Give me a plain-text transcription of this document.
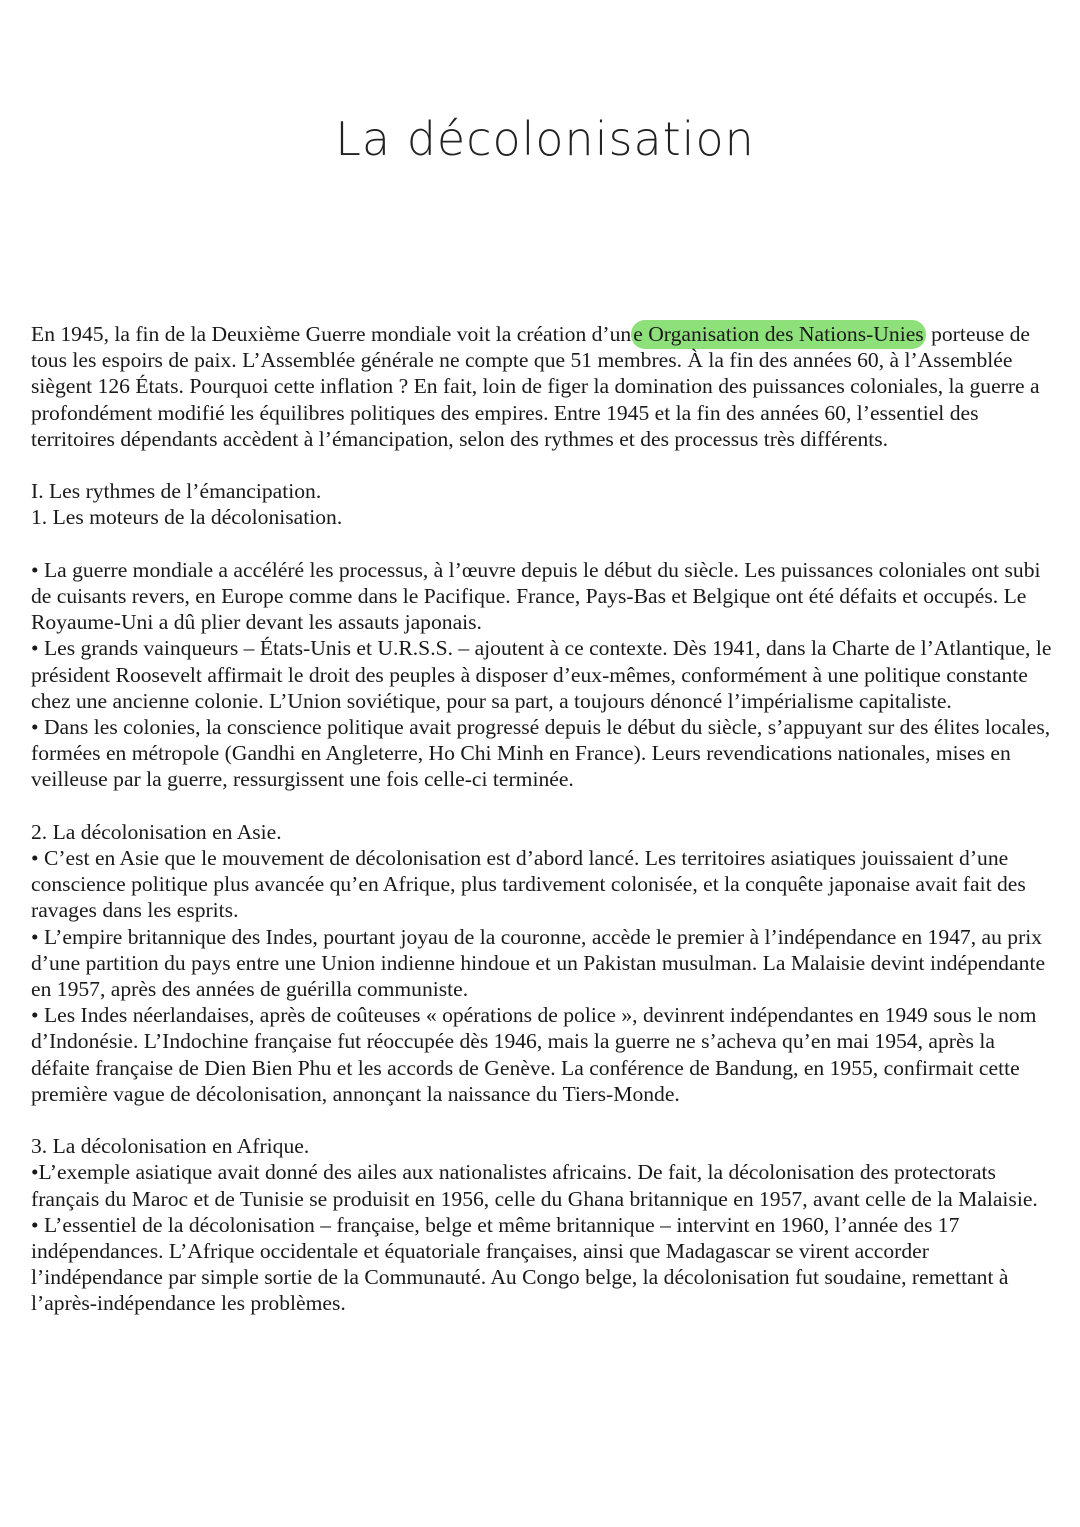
La décolonisation

En 1945, la fin de la Deuxième Guerre mondiale voit la création d’une Organisation des Nations-Unies porteuse de tous les espoirs de paix. L’Assemblée générale ne compte que 51 membres. À la fin des années 60, à l’Assemblée siègent 126 États. Pourquoi cette inflation ? En fait, loin de figer la domination des puissances coloniales, la guerre a profondément modifié les équilibres politiques des empires. Entre 1945 et la fin des années 60, l’essentiel des territoires dépendants accèdent à l’émancipation, selon des rythmes et des processus très différents.

I. Les rythmes de l’émancipation.

1. Les moteurs de la décolonisation.

• La guerre mondiale a accéléré les processus, à l’œuvre depuis le début du siècle. Les puissances coloniales ont subi de cuisants revers, en Europe comme dans le Pacifique. France, Pays-Bas et Belgique ont été défaits et occupés. Le Royaume-Uni a dû plier devant les assauts japonais.

• Les grands vainqueurs – États-Unis et U.R.S.S. – ajoutent à ce contexte. Dès 1941, dans la Charte de l’Atlantique, le président Roosevelt affirmait le droit des peuples à disposer d’eux-mêmes, conformément à une politique constante chez une ancienne colonie. L’Union soviétique, pour sa part, a toujours dénoncé l’impérialisme capitaliste.

• Dans les colonies, la conscience politique avait progressé depuis le début du siècle, s’appuyant sur des élites locales, formées en métropole (Gandhi en Angleterre, Ho Chi Minh en France). Leurs revendications nationales, mises en veilleuse par la guerre, ressurgissent une fois celle-ci terminée.

2. La décolonisation en Asie.

• C’est en Asie que le mouvement de décolonisation est d’abord lancé. Les territoires asiatiques jouissaient d’une conscience politique plus avancée qu’en Afrique, plus tardivement colonisée, et la conquête japonaise avait fait des ravages dans les esprits.

• L’empire britannique des Indes, pourtant joyau de la couronne, accède le premier à l’indépendance en 1947, au prix d’une partition du pays entre une Union indienne hindoue et un Pakistan musulman. La Malaisie devint indépendante en 1957, après des années de guérilla communiste.

• Les Indes néerlandaises, après de coûteuses « opérations de police », devinrent indépendantes en 1949 sous le nom d’Indonésie. L’Indochine française fut réoccupée dès 1946, mais la guerre ne s’acheva qu’en mai 1954, après la défaite française de Dien Bien Phu et les accords de Genève. La conférence de Bandung, en 1955, confirmait cette première vague de décolonisation, annonçant la naissance du Tiers-Monde.

3. La décolonisation en Afrique.

•L’exemple asiatique avait donné des ailes aux nationalistes africains. De fait, la décolonisation des protectorats français du Maroc et de Tunisie se produisit en 1956, celle du Ghana britannique en 1957, avant celle de la Malaisie.

• L’essentiel de la décolonisation – française, belge et même britannique – intervint en 1960, l’année des 17 indépendances. L’Afrique occidentale et équatoriale françaises, ainsi que Madagascar se virent accorder l’indépendance par simple sortie de la Communauté. Au Congo belge, la décolonisation fut soudaine, remettant à l’après-indépendance les problèmes.
